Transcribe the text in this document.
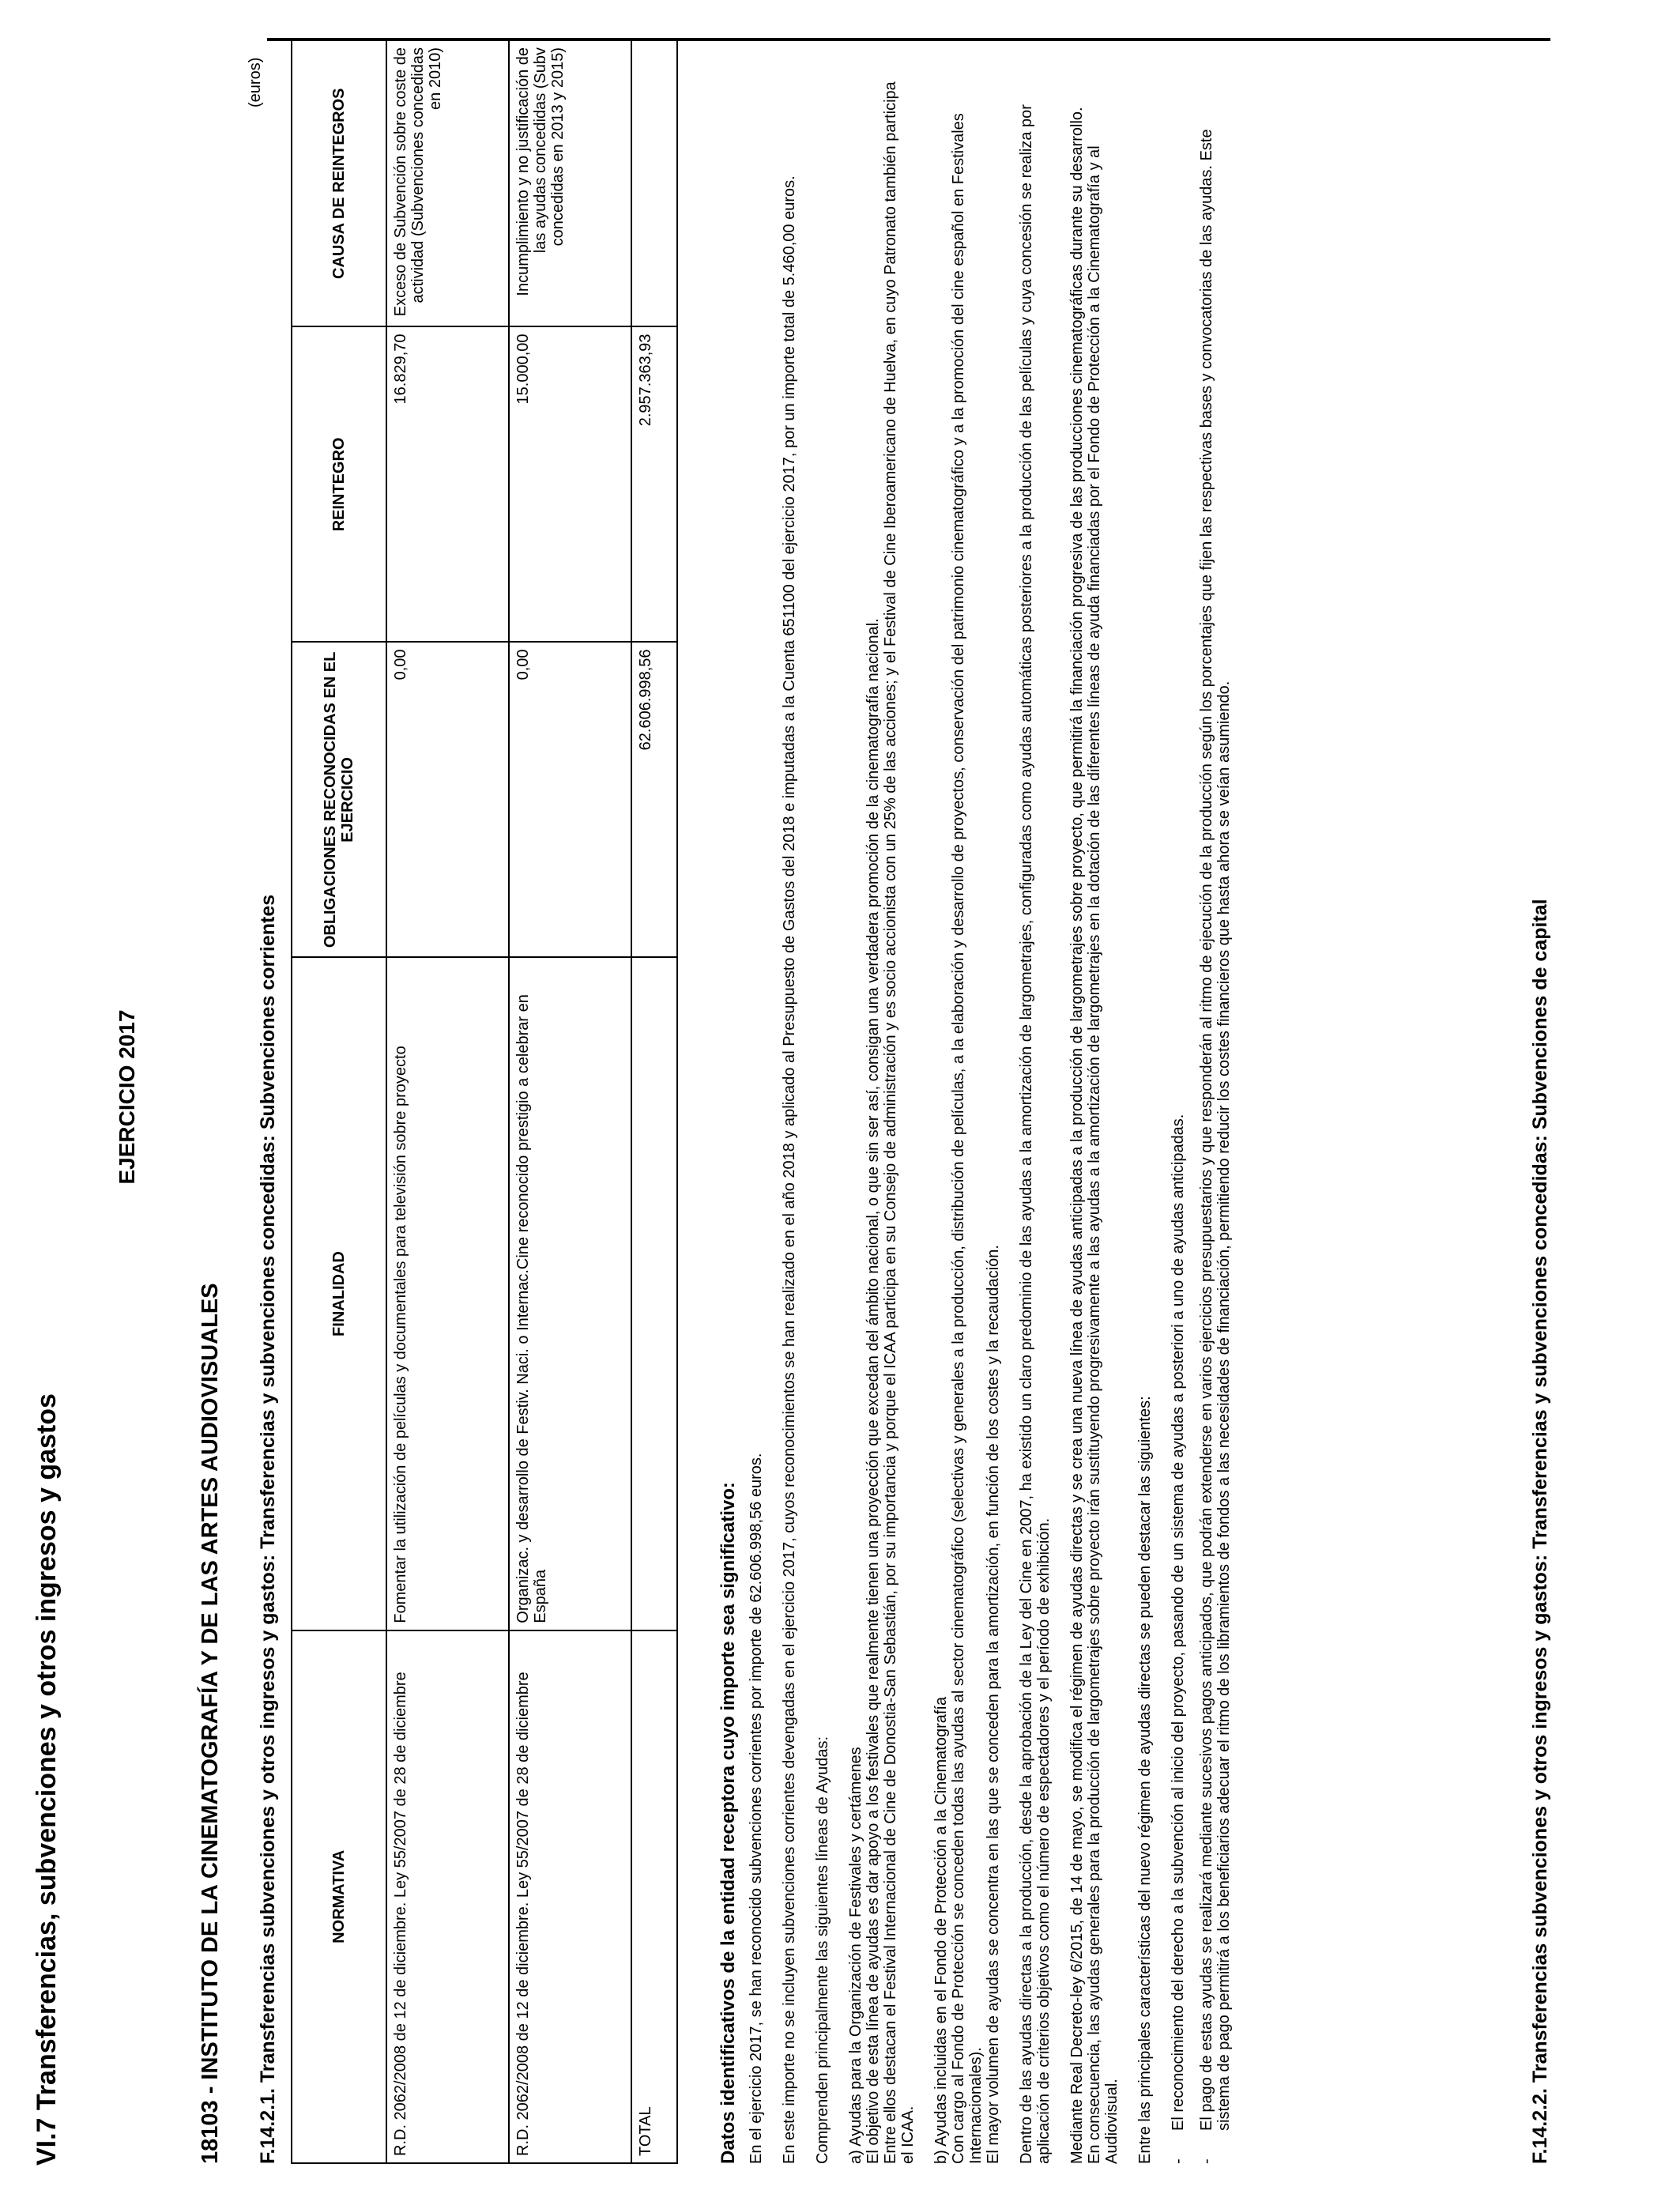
VI.7 Transferencias, subvenciones y otros ingresos y gastos
EJERCICIO 2017
18103 - INSTITUTO DE LA CINEMATOGRAFÍA Y DE LAS ARTES AUDIOVISUALES F.14.2.1. Transferencias subvenciones y otros ingresos y gastos: Transferencias y subvenciones concedidas: Subvenciones corrientes
(euros)
NORMATIVA	FINALIDAD	OBLIGACIONES RECONOCIDAS EN EL EJERCICIO	REINTEGRO	CAUSA DE REINTEGROS
R.D. 2062/2008 de 12 de diciembre. Ley 55/2007 de 28 de diciembre	Fomentar la utilización de películas y documentales para televisión sobre proyecto	0,00	16.829,70	Exceso de Subvención sobre coste de actividad (Subvenciones concedidas en 2010)
R.D. 2062/2008 de 12 de diciembre. Ley 55/2007 de 28 de diciembre	Organizac. y desarrollo de Festiv. Naci. o Internac.Cine reconocido prestigio a celebrar en España	0,00	15.000,00	Incumplimiento y no justificación de las ayudas concedidas (Subv concedidas en 2013 y 2015)
TOTAL		62.606.998,56	2.957.363,93	
Datos identificativos de la entidad receptora cuyo importe sea significativo: En el ejercicio 2017, se han reconocido subvenciones corrientes por importe de 62.606.998,56 euros. En este importe no se incluyen subvenciones corrientes devengadas en el ejercicio 2017, cuyos reconocimientos se han realizado en el año 2018 y aplicado al Presupuesto de Gastos del 2018 e imputadas a la Cuenta 651100 del ejercicio 2017, por un importe total de 5.460,00 euros. Comprenden principalmente las siguientes líneas de Ayudas: a) Ayudas para la Organización de Festivales y certámenes El objetivo de esta línea de ayudas es dar apoyo a los festivales que realmente tienen una proyección que excedan del ámbito nacional, o que sin ser así, consigan una verdadera promoción de la cinematografía nacional. Entre ellos destacan el Festival Internacional de Cine de Donostia-San Sebastián, por su importancia y porque el ICAA participa en su Consejo de administración y es socio accionista con un 25% de las acciones; y el Festival de Cine Iberoamericano de Huelva, en cuyo Patronato también participa el ICAA. b) Ayudas incluidas en el Fondo de Protección a la Cinematografía Con cargo al Fondo de Protección se conceden todas las ayudas al sector cinematográfico (selectivas y generales a la producción, distribución de películas, a la elaboración y desarrollo de proyectos, conservación del patrimonio cinematográfico y a la promoción del cine español en Festivales Internacionales). El mayor volumen de ayudas se concentra en las que se conceden para la amortización, en función de los costes y la recaudación. Dentro de las ayudas directas a la producción, desde la aprobación de la Ley del Cine en 2007, ha existido un claro predominio de las ayudas a la amortización de largometrajes, configuradas como ayudas automáticas posteriores a la producción de las películas y cuya concesión se realiza por aplicación de criterios objetivos como el número de espectadores y el período de exhibición. Mediante Real Decreto-ley 6/2015, de 14 de mayo, se modifica el régimen de ayudas directas y se crea una nueva línea de ayudas anticipadas a la producción de largometrajes sobre proyecto, que permitirá la financiación progresiva de las producciones cinematográficas durante su desarrollo. En consecuencia, las ayudas generales para la producción de largometrajes sobre proyecto irán sustituyendo progresivamente a las ayudas a la amortización de largometrajes en la dotación de las diferentes líneas de ayuda financiadas por el Fondo de Protección a la Cinematografía y al Audiovisual. Entre las principales características del nuevo régimen de ayudas directas se pueden destacar las siguientes: -
El reconocimiento del derecho a la subvención al inicio del proyecto, pasando de un sistema de ayudas a posteriori a uno de ayudas anticipadas.
-
El pago de estas ayudas se realizará mediante sucesivos pagos anticipados, que podrán extenderse en varios ejercicios presupuestarios y que responderán al ritmo de ejecución de la producción según los porcentajes que fijen las respectivas bases y convocatorias de las ayudas. Este sistema de pago permitirá a los beneficiarios adecuar el ritmo de los libramientos de fondos a las necesidades de financiación, permitiendo reducir los costes financieros que hasta ahora se veían asumiendo.	F.14.2.2. Transferencias subvenciones y otros ingresos y gastos: Transferencias y subvenciones concedidas: Subvenciones de capital
